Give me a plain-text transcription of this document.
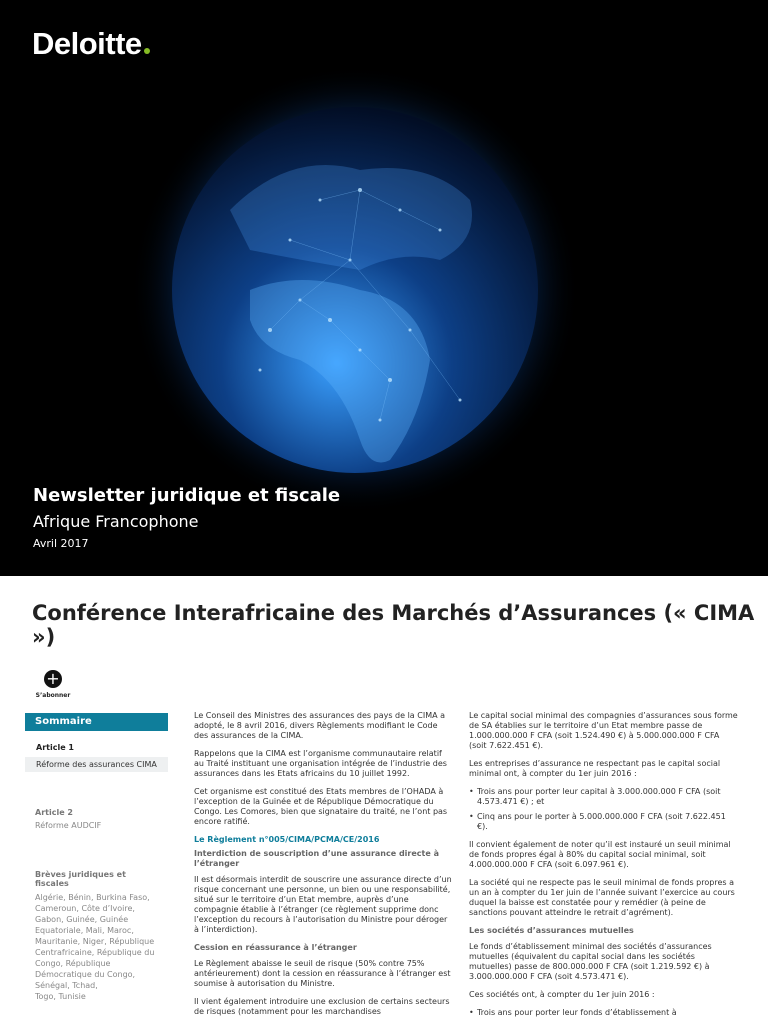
Deloitte
Newsletter juridique et fiscale
Afrique Francophone
Avril 2017
Conférence Interafricaine des Marchés d’Assurances (« CIMA »)
+
S’abonner
Sommaire
Article 1
Réforme des assurances CIMA
Article 2
Réforme AUDCIF
Brèves juridiques et fiscales
Algérie, Bénin, Burkina Faso,
Cameroun, Côte d’Ivoire,
Gabon, Guinée, Guinée
Equatoriale, Mali, Maroc,
Mauritanie, Niger, République
Centrafricaine, République du
Congo, République
Démocratique du Congo,
Sénégal, Tchad,
Togo, Tunisie

Le Conseil des Ministres des assurances des pays de la CIMA a adopté, le 8 avril 2016, divers Règlements modifiant le Code des assurances de la CIMA.

Rappelons que la CIMA est l’organisme communautaire relatif au Traité instituant une organisation intégrée de l’industrie des assurances dans les Etats africains du 10 juillet 1992.

Cet organisme est constitué des Etats membres de l’OHADA à l’exception de la Guinée et de République Démocratique du Congo. Les Comores, bien que signataire du traité, ne l’ont pas encore ratifié.

Le Règlement n°005/CIMA/PCMA/CE/2016
Interdiction de souscription d’une assurance directe à l’étranger

Il est désormais interdit de souscrire une assurance directe d’un risque concernant une personne, un bien ou une responsabilité, situé sur le territoire d’un Etat membre, auprès d’une compagnie établie à l’étranger (ce règlement supprime donc l’exception du recours à l’autorisation du Ministre pour déroger à l’interdiction).

Cession en réassurance à l’étranger

Le Règlement abaisse le seuil de risque (50% contre 75% antérieurement) dont la cession en réassurance à l’étranger est soumise à autorisation du Ministre.

Il vient également introduire une exclusion de certains secteurs de risques (notamment pour les marchandises

Le capital social minimal des compagnies d’assurances sous forme de SA établies sur le territoire d’un Etat membre passe de 1.000.000.000 F CFA (soit 1.524.490 €) à 5.000.000.000 F CFA (soit 7.622.451 €).

Les entreprises d’assurance ne respectant pas le capital social minimal ont, à compter du 1er juin 2016 :

• Trois ans pour porter leur capital à 3.000.000.000 F CFA (soit 4.573.471 €) ; et
• Cinq ans pour le porter à 5.000.000.000 F CFA (soit 7.622.451 €).

Il convient également de noter qu’il est instauré un seuil minimal de fonds propres égal à 80% du capital social minimal, soit 4.000.000.000 F CFA (soit 6.097.961 €).

La société qui ne respecte pas le seuil minimal de fonds propres a un an à compter du 1er juin de l’année suivant l’exercice au cours duquel la baisse est constatée pour y remédier (à peine de sanctions pouvant atteindre le retrait d’agrément).

Les sociétés d’assurances mutuelles

Le fonds d’établissement minimal des sociétés d’assurances mutuelles (équivalent du capital social dans les sociétés mutuelles) passe de 800.000.000 F CFA (soit 1.219.592 €) à 3.000.000.000 F CFA (soit 4.573.471 €).

Ces sociétés ont, à compter du 1er juin 2016 :

• Trois ans pour porter leur fonds d’établissement à
